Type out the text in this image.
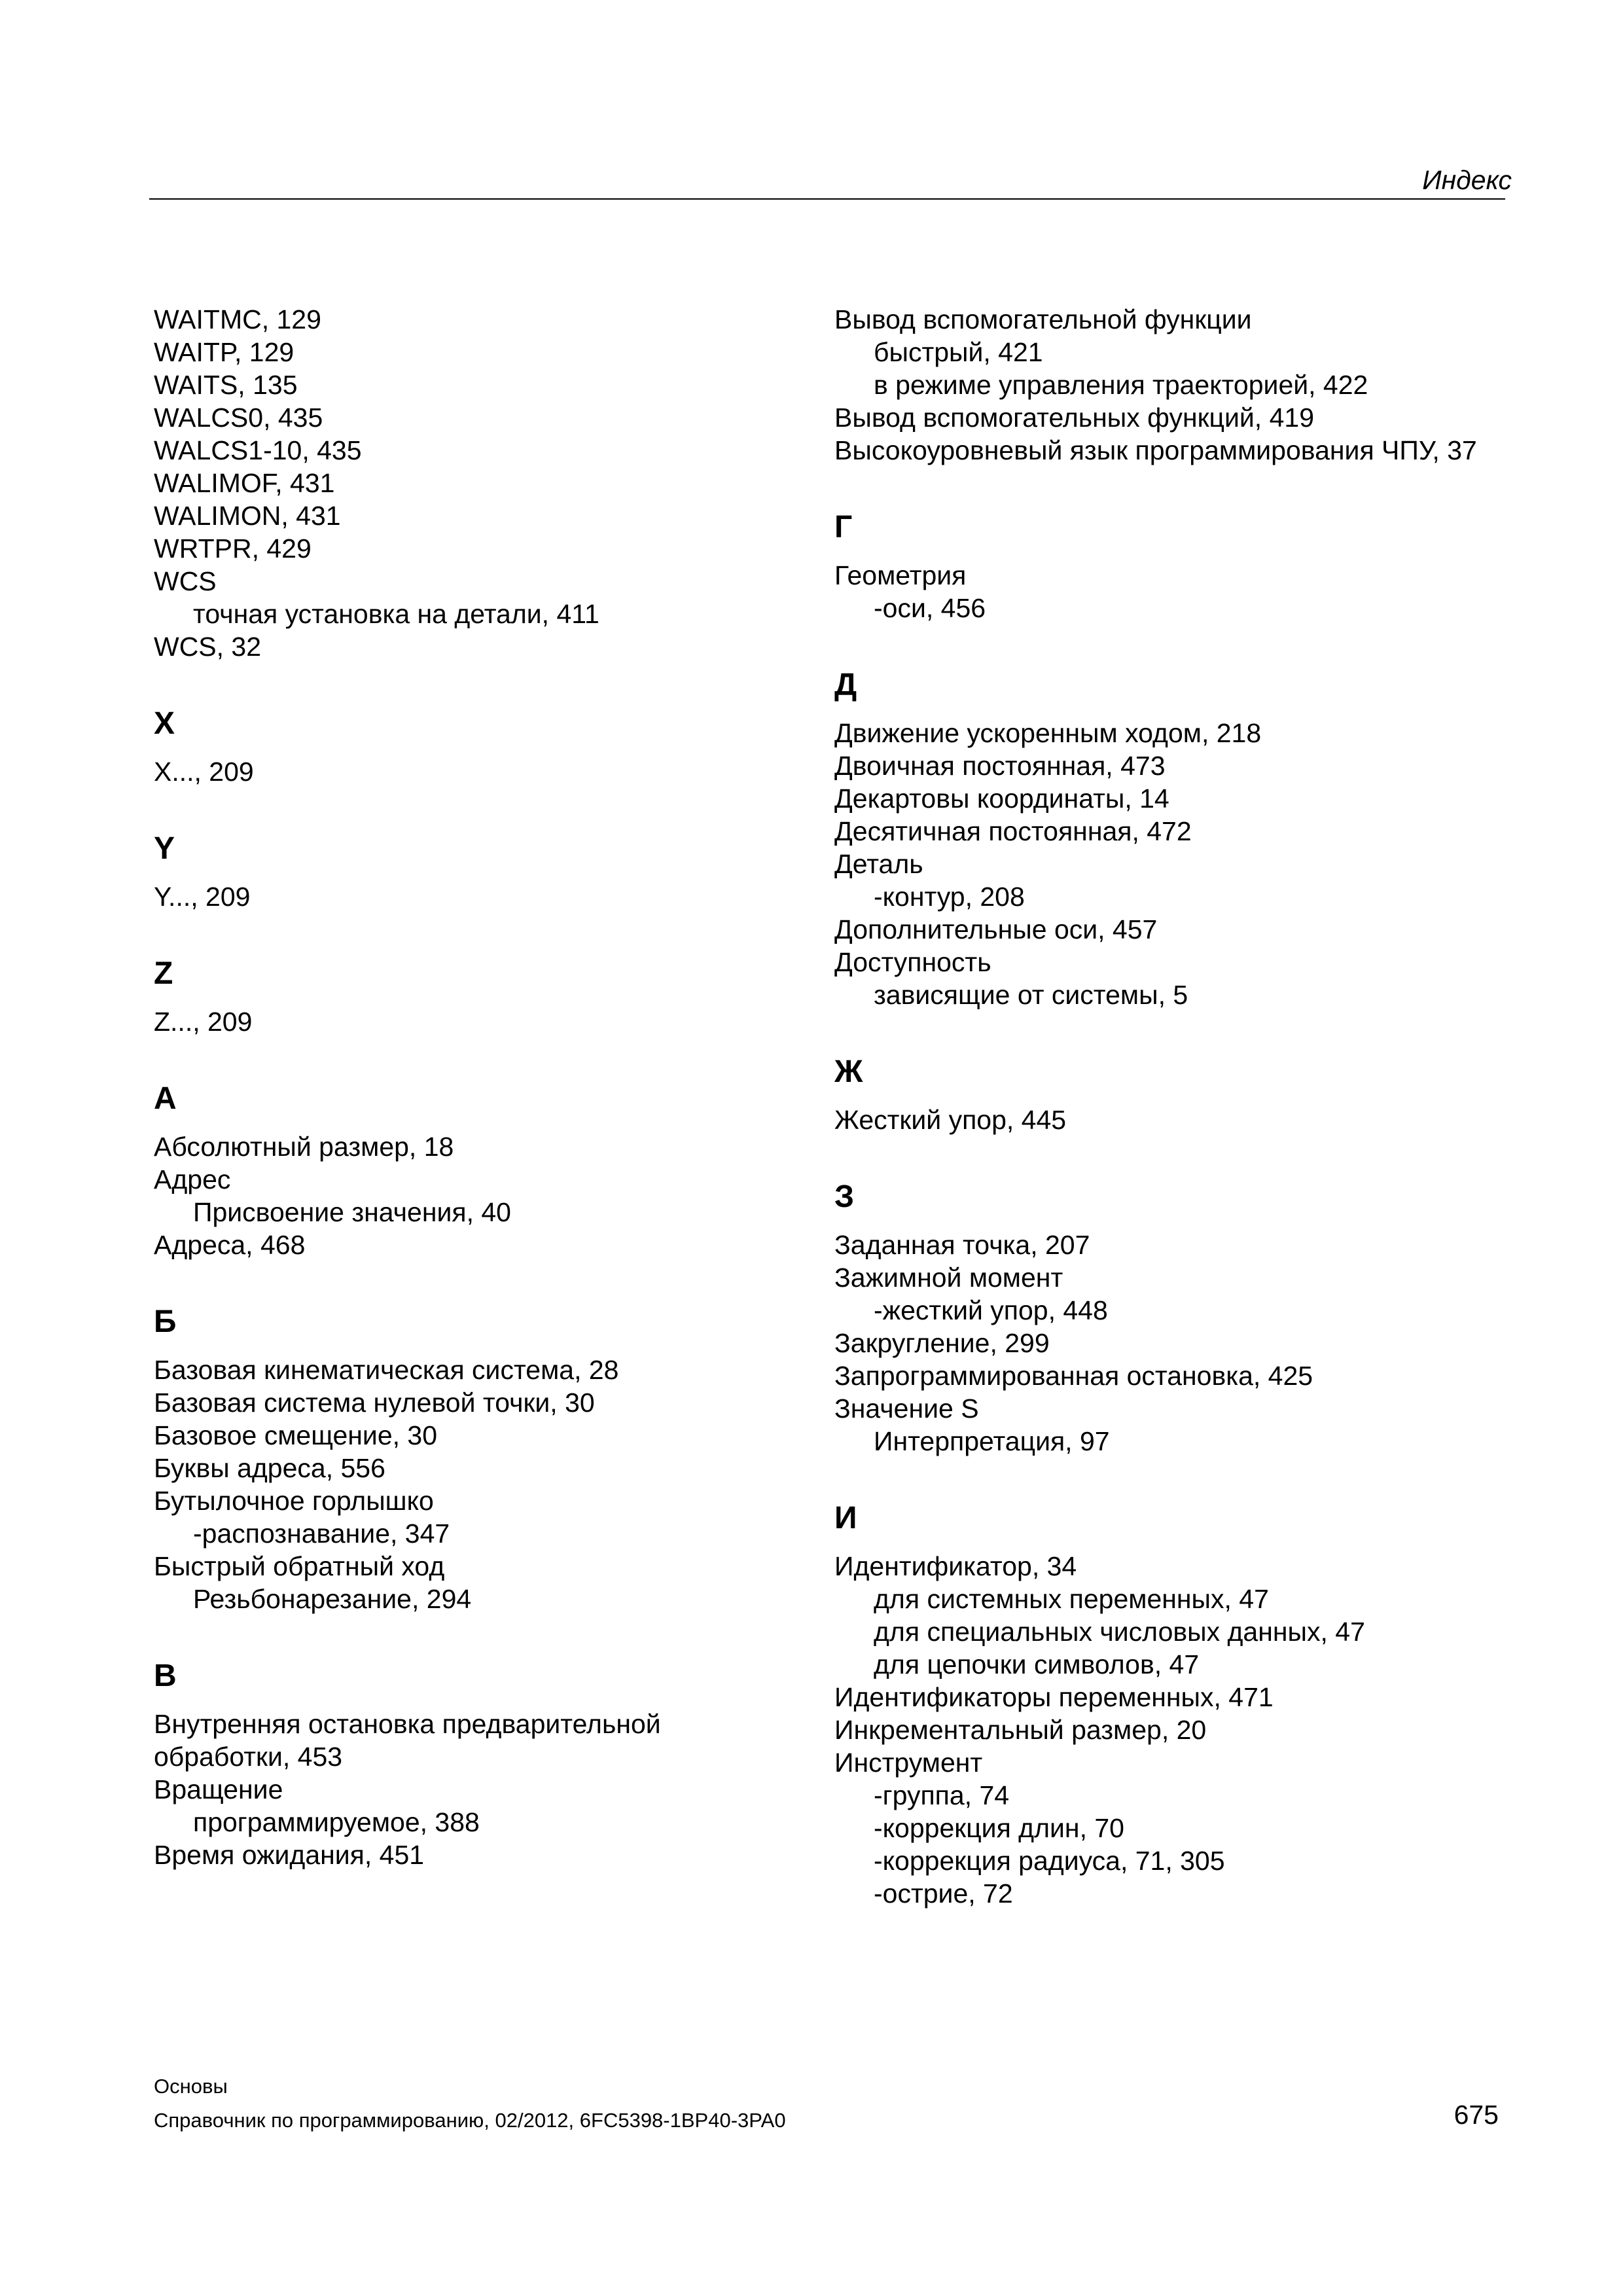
Индекс
WAITMC, 129
WAITP, 129
WAITS, 135
WALCS0, 435
WALCS1-10, 435
WALIMOF, 431
WALIMON, 431
WRTPR, 429
WCS
точная установка на детали, 411
WCS, 32
X
X..., 209
Y
Y..., 209
Z
Z..., 209
А
Абсолютный размер, 18
Адрес
Присвоение значения, 40
Адреса, 468
Б
Базовая кинематическая система, 28
Базовая система нулевой точки, 30
Базовое смещение, 30
Буквы адреса, 556
Бутылочное горлышко
-распознавание, 347
Быстрый обратный ход
Резьбонарезание, 294
В
Внутренняя остановка предварительной
обработки, 453
Вращение
программируемое, 388
Время ожидания, 451
Вывод вспомогательной функции
быстрый, 421
в режиме управления траекторией, 422
Вывод вспомогательных функций, 419
Высокоуровневый язык программирования ЧПУ, 37
Г
Геометрия
-оси, 456
Д
Движение ускоренным ходом, 218
Двоичная постоянная, 473
Декартовы координаты, 14
Десятичная постоянная, 472
Деталь
-контур, 208
Дополнительные оси, 457
Доступность
зависящие от системы, 5
Ж
Жесткий упор, 445
З
Заданная точка, 207
Зажимной момент
-жесткий упор, 448
Закругление, 299
Запрограммированная остановка, 425
Значение S
Интерпретация, 97
И
Идентификатор, 34
для системных переменных, 47
для специальных числовых данных, 47
для цепочки символов, 47
Идентификаторы переменных, 471
Инкрементальный размер, 20
Инструмент
-группа, 74
-коррекция длин, 70
-коррекция радиуса, 71, 305
-острие, 72
Основы
Справочник по программированию, 02/2012, 6FC5398-1BP40-3PA0	675
